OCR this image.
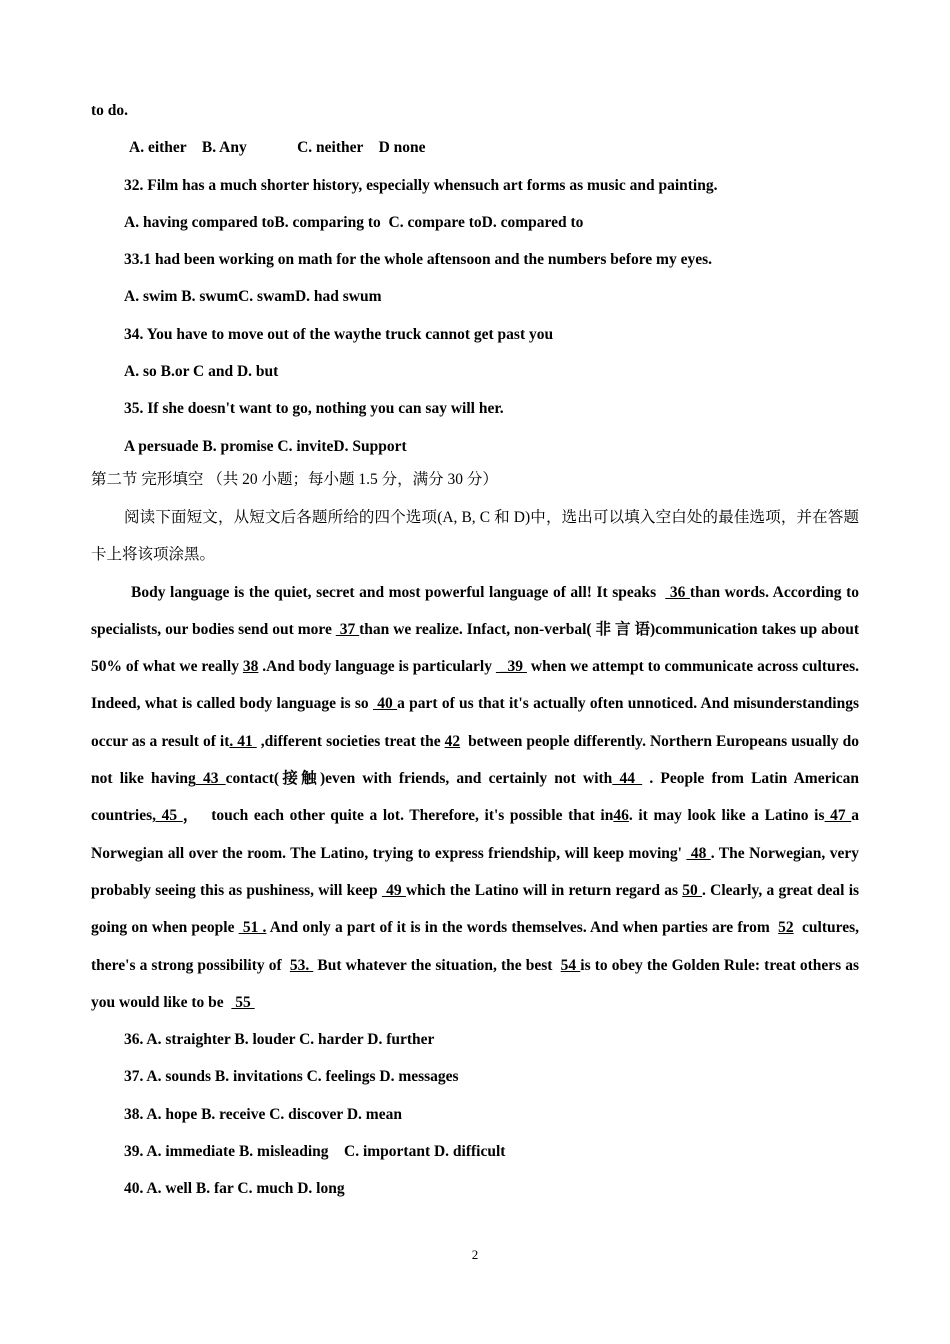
to do.
A. either    B. Any             C. neither    D none
32. Film has a much shorter history, especially whensuch art forms as music and painting.
A. having compared toB. comparing to  C. compare toD. compared to
33.1 had been working on math for the whole aftensoon and the numbers before my eyes.
A. swim B. swumC. swamD. had swum
34. You have to move out of the waythe truck cannot get past you
A. so B.or C and D. but
35. If she doesn't want to go, nothing you can say will her.
A persuade B. promise C. inviteD. Support
第二节 完形填空 （共 20 小题；每小题 1.5 分，满分 30 分）
阅读下面短文，从短文后各题所给的四个选项(A, B, C 和 D)中，选出可以填入空白处的最佳选项，并在答题卡上将该项涂黑。
Body language is the quiet, secret and most powerful language of all! It speaks   36 than words. According to specialists, our bodies send out more  37 than we realize. Infact, non-verbal( 非 言 语)communication takes up about 50% of what we really 38 .And body language is particularly  _39  when we attempt to communicate across cultures. Indeed, what is called body language is so  40 a part of us that it's actually often unnoticed. And misunderstandings occur as a result of it. 41  ,different societies treat the 42  between people differently. Northern Europeans usually do not like having 43 contact(接触)even with friends, and certainly not with 44  . People from Latin American countries, 45 ，  touch each other quite a lot. Therefore, it's possible that in46. it may look like a Latino is 47 a Norwegian all over the room. The Latino, trying to express friendship, will keep moving'  48 . The Norwegian, very probably seeing this as pushiness, will keep  49 which the Latino will in return regard as 50 . Clearly, a great deal is going on when people  51 . And only a part of it is in the words themselves. And when parties are from  52  cultures, there's a strong possibility of  53.  But whatever the situation, the best  54 is to obey the Golden Rule: treat others as you would like to be   55
36. A. straighter B. louder C. harder D. further
37. A. sounds B. invitations C. feelings D. messages
38. A. hope B. receive C. discover D. mean
39. A. immediate B. misleading    C. important D. difficult
40. A. well B. far C. much D. long
2
